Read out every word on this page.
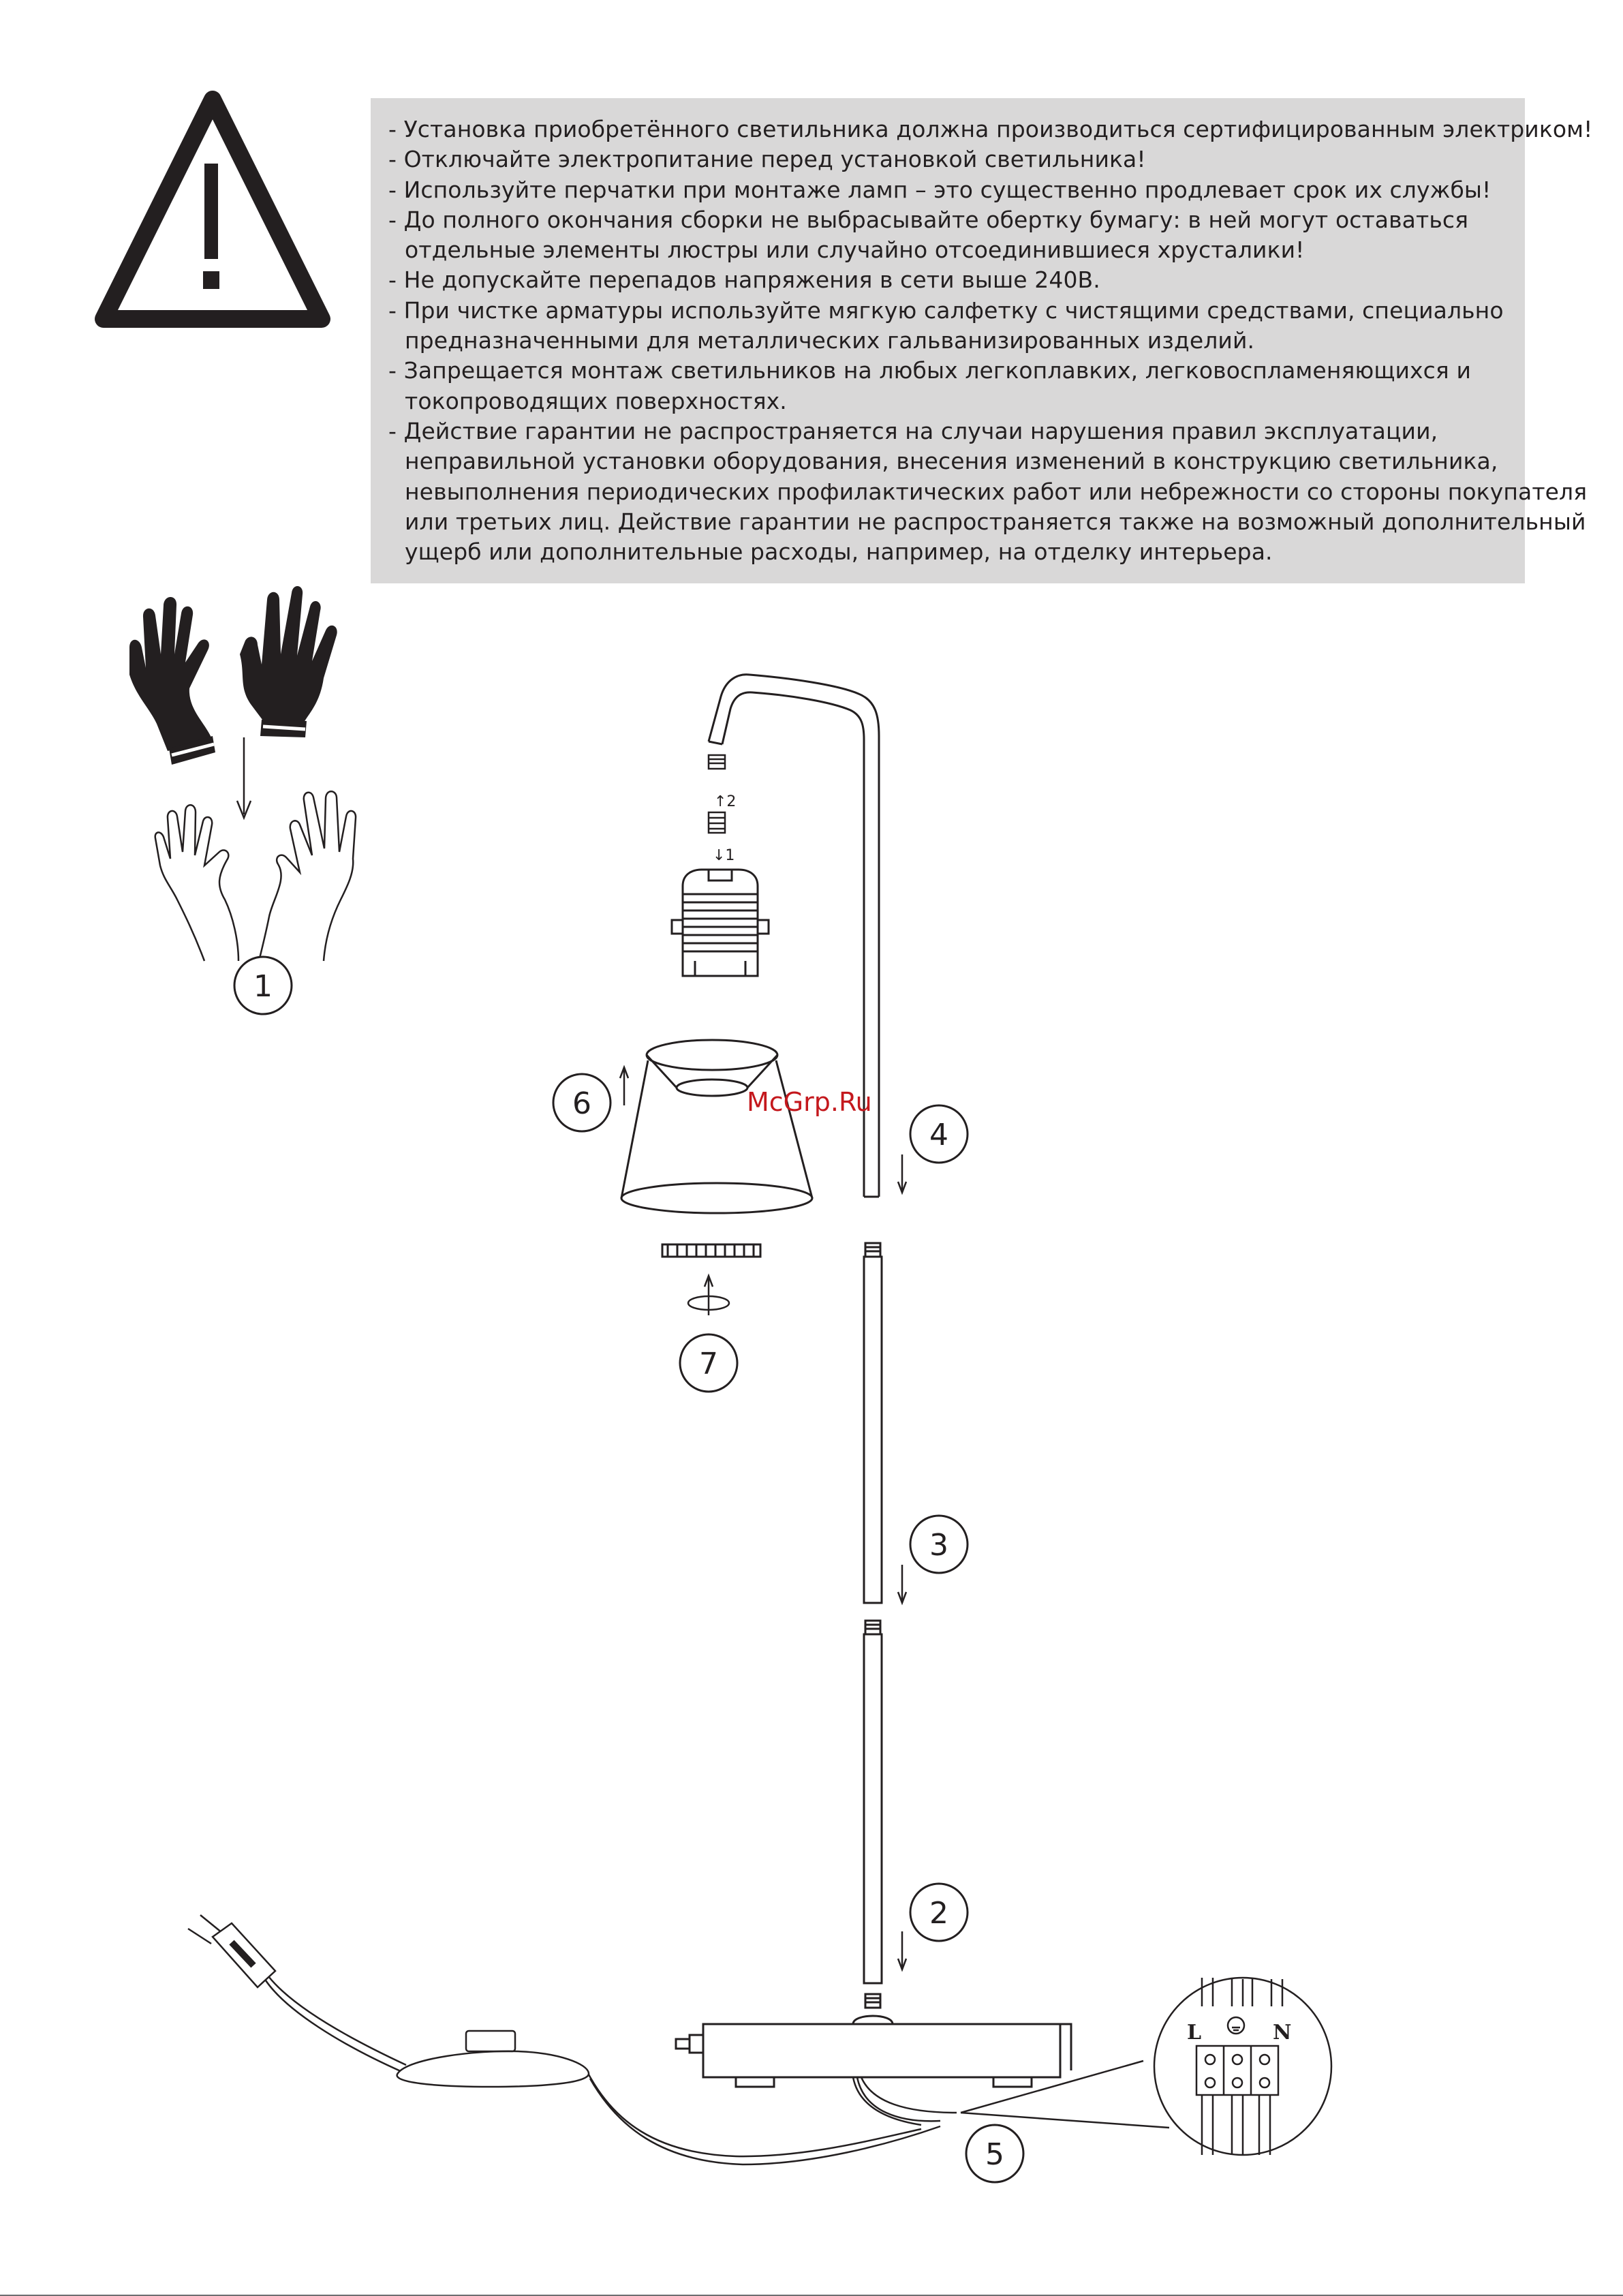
- Установка приобретённого светильника должна производиться сертифицированным электриком!
- Отключайте электропитание перед установкой светильника!
- Используйте перчатки при монтаже ламп – это существенно продлевает срок их службы!
- До полного окончания сборки не выбрасывайте обертку бумагу: в ней могут оставаться
отдельные элементы люстры или случайно отсоединившиеся хрусталики!
- Не допускайте перепадов напряжения в сети выше 240В.
- При чистке арматуры используйте мягкую салфетку с чистящими средствами, специально
предназначенными для металлических гальванизированных изделий.
- Запрещается монтаж светильников на любых легкоплавких, легковоспламеняющихся и
токопроводящих поверхностях.
- Действие гарантии не распространяется на случаи нарушения правил эксплуатации,
неправильной установки оборудования, внесения изменений в конструкцию светильника,
невыполнения периодических профилактических работ или небрежности со стороны покупателя
или третьих лиц. Действие гарантии не распространяется также на возможный дополнительный
ущерб или дополнительные расходы, например, на отделку интерьера.
1
↑2
↓1
6
7
4
3
2
5
L	N
McGrp.Ru
